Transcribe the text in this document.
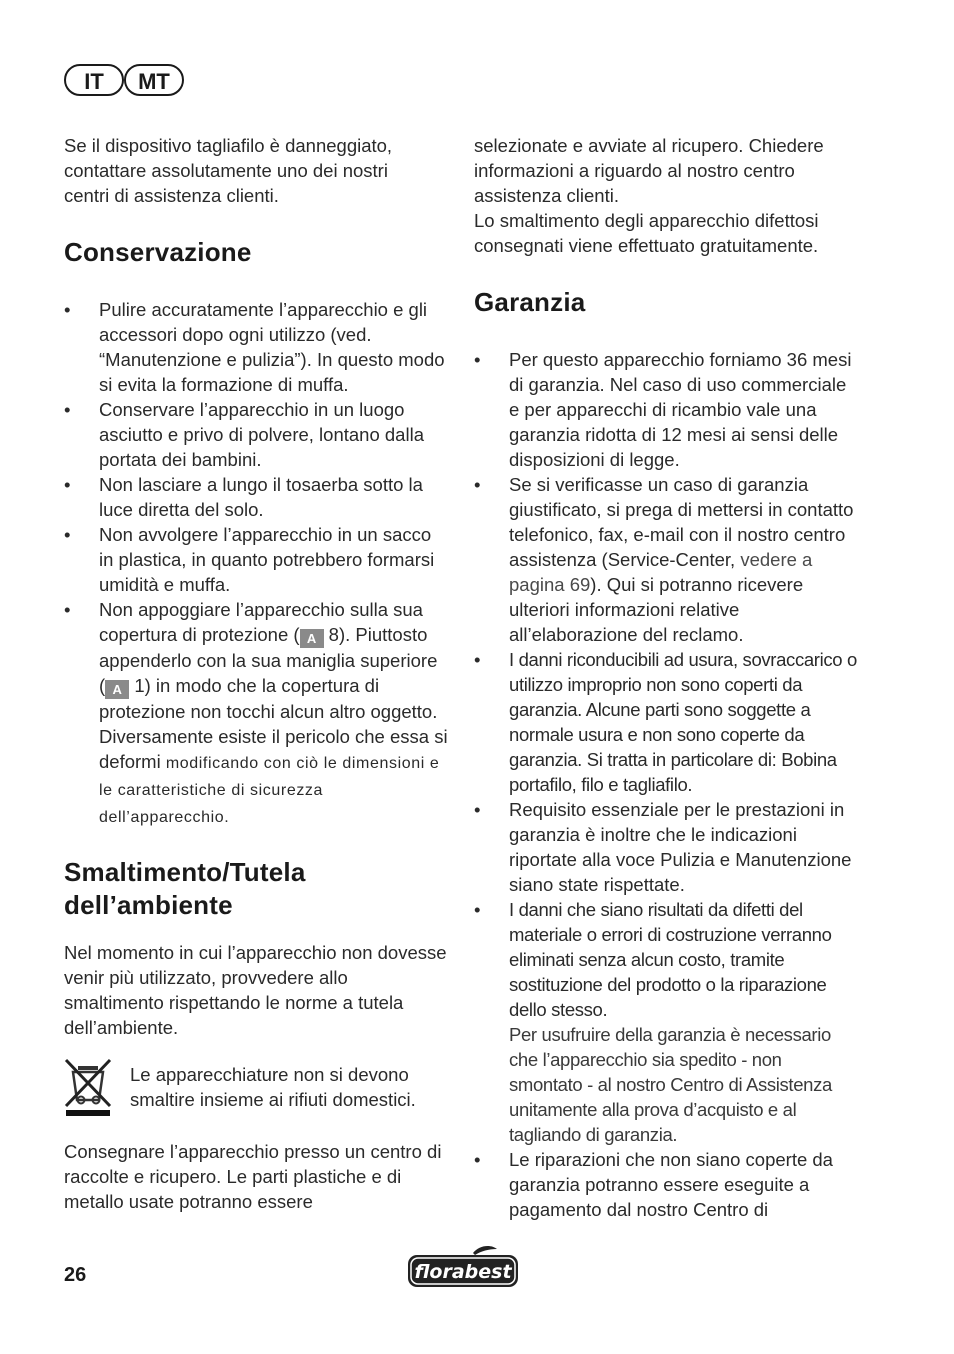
IT	MT

Se il dispositivo tagliafilo è danneggiato, contattare assolutamente uno dei nostri centri di assistenza clienti.

Conservazione
• Pulire accuratamente l’apparecchio e gli accessori dopo ogni utilizzo (ved. “Manutenzione e pulizia”). In questo modo si evita la formazione di muffa.
• Conservare l’apparecchio in un luogo asciutto e privo di polvere, lontano dalla portata dei bambini.
• Non lasciare a lungo il tosaerba sotto la luce diretta del solo.
• Non avvolgere l’apparecchio in un sacco in plastica, in quanto potrebbero formarsi umidità e muffa.
• Non appoggiare l’apparecchio sulla sua copertura di protezione ( A 8). Piuttosto appenderlo con la sua maniglia superiore ( A 1) in modo che la copertura di protezione non tocchi alcun altro oggetto. Diversamente esiste il pericolo che essa si deformi modificando con ciò le dimensioni e le caratteristiche di sicurezza dell’apparecchio.
Smaltimento/Tutela
dell’ambiente

Nel momento in cui l’apparecchio non dovesse venir più utilizzato, provvedere allo smaltimento rispettando le norme a tutela dell’ambiente.

Le apparecchiature non si devono smaltire insieme ai rifiuti domestici.

Consegnare l’apparecchio presso un centro di raccolte e ricupero. Le parti plastiche e di metallo usate potranno essere

selezionate e avviate al ricupero. Chiedere informazioni a riguardo al nostro centro assistenza clienti.

Lo smaltimento degli apparecchio difettosi consegnati viene effettuato gratuitamente.

Garanzia
• Per questo apparecchio forniamo 36 mesi di garanzia. Nel caso di uso commerciale e per apparecchi di ricambio vale una garanzia ridotta di 12 mesi ai sensi delle disposizioni di legge.
• Se si verificasse un caso di garanzia giustificato, si prega di mettersi in contatto telefonico, fax, e-mail con il nostro centro assistenza (Service-Center, vedere a pagina 69). Qui si potranno ricevere ulteriori informazioni relative all’elaborazione del reclamo.
• I danni riconducibili ad usura, sovraccarico o utilizzo improprio non sono coperti da garanzia. Alcune parti sono soggette a normale usura e non sono coperte da garanzia. Si tratta in particolare di: Bobina portafilo, filo e tagliafilo.
• Requisito essenziale per le prestazioni in garanzia è inoltre che le indicazioni riportate alla voce Pulizia e Manutenzione siano state rispettate.
• I danni che siano risultati da difetti del materiale o errori di costruzione verranno eliminati senza alcun costo, tramite sostituzione del prodotto o la riparazione dello stesso.
Per usufruire della garanzia è necessario che l’apparecchio sia spedito - non smontato - al nostro Centro di Assistenza unitamente alla prova d’acquisto e al tagliando di garanzia.
• Le riparazioni che non siano coperte da garanzia potranno essere eseguite a pagamento dal nostro Centro di
26	florabest
